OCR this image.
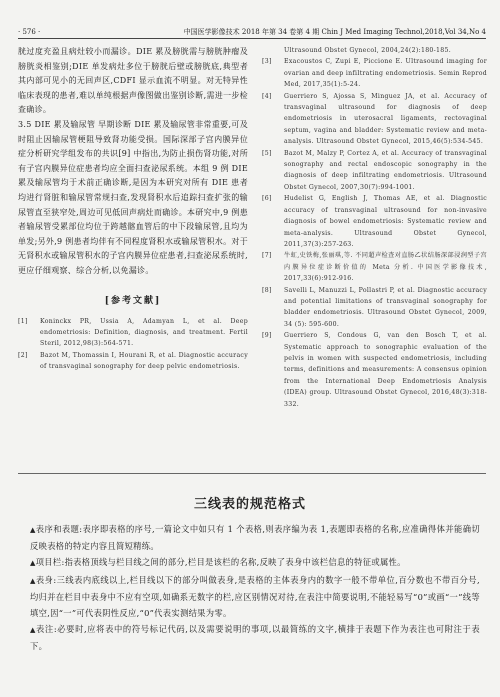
· 576 ·	中国医学影像技术 2018 年第 34 卷第 4 期 Chin J Med Imaging Technol,2018,Vol 34,No 4

胱过度充盈且病灶较小而漏诊。DIE 累及膀胱需与膀胱肿瘤及膀胱炎相鉴别;DIE 单发病灶多位于膀胱后壁或膀胱底,典型者其内部可见小的无回声区,CDFI 显示血流不明显。对无特异性临床表现的患者,难以单纯根据声像图做出鉴别诊断,需进一步检查确诊。

3.5 DIE 累及输尿管 早期诊断 DIE 累及输尿管非常重要,可及时阻止因输尿管梗阻导致肾功能受损。国际深部子宫内膜异位症分析研究学组发布的共识[9] 中指出,为防止损伤肾功能,对所有子宫内膜异位症患者均应全面扫查泌尿系统。本组 9 例 DIE 累及输尿管均于术前正确诊断,是因为本研究对所有 DIE 患者均进行肾脏和输尿管常规扫查,发现肾积水后追踪扫查扩张的输尿管直至狭窄处,周边可见低回声病灶而确诊。本研究中,9 例患者输尿管受累部位均位于跨越髂血管后的中下段输尿管,且均为单发;另外,9 例患者均伴有不同程度肾积水或输尿管积水。对于无肾积水或输尿管积水的子宫内膜异位症患者,扫查泌尿系统时,更应仔细观察、综合分析,以免漏诊。

[参考文献]
[1]	Koninckx PR, Ussia A, Adamyan L, et al. Deep endometriosis: Definition, diagnosis, and treatment. Fertil Steril, 2012,98(3):564-571.
[2]	Bazot M, Thomassin I, Hourani R, et al. Diagnostic accuracy of transvaginal sonography for deep pelvic endometriosis.
Ultrasound Obstet Gynecol, 2004,24(2):180-185.
[3]	Exacoustos C, Zupi E, Piccione E. Ultrasound imaging for ovarian and deep infiltrating endometriosis. Semin Reprod Med, 2017,35(1):5-24.
[4]	Guerriero S, Ajossa S, Minguez JA, et al. Accuracy of transvaginal ultrasound for diagnosis of deep endometriosis in uterosacral ligaments, rectovaginal septum, vagina and bladder: Systematic review and meta-analysis. Ultrasound Obstet Gynecol, 2015,46(5):534-545.
[5]	Bazot M, Malzy P, Cortez A, et al. Accuracy of transvaginal sonography and rectal endoscopic sonography in the diagnosis of deep infiltrating endometriosis. Ultrasound Obstet Gynecol, 2007,30(7):994-1001.
[6]	Hudelist G, English J, Thomas AE, et al. Diagnostic accuracy of transvaginal ultrasound for non-invasive diagnosis of bowel endometriosis: Systematic review and meta-analysis. Ultrasound Obstet Gynecol, 2011,37(3):257-263.
[7]	牛虹,史铁梅,张丽琪,等. 不同超声检查对直肠乙状结肠深部浸润型子宫内膜异位症诊断价值的 Meta 分析. 中国医学影像技术, 2017,33(6):912-916.
[8]	Savelli L, Manuzzi L, Pollastri P, et al. Diagnostic accuracy and potential limitations of transvaginal sonography for bladder endometriosis. Ultrasound Obstet Gynecol, 2009, 34 (5): 595-600.
[9]	Guerriero S, Condous G, van den Bosch T, et al. Systematic approach to sonographic evaluation of the pelvis in women with suspected endometriosis, including terms, definitions and measurements: A consensus opinion from the International Deep Endometriosis Analysis (IDEA) group. Ultrasound Obstet Gynecol, 2016,48(3):318-332.
三线表的规范格式

▲表序和表题:表序即表格的序号,一篇论文中如只有 1 个表格,则表序编为表 1,表题即表格的名称,应准确得体并能确切反映表格的特定内容且简短精练。

▲项目栏:指表格顶线与栏目线之间的部分,栏目是该栏的名称,反映了表身中该栏信息的特征或属性。

▲表身:三线表内底线以上,栏目线以下的部分叫做表身,是表格的主体表身内的数字一般不带单位,百分数也不带百分号,均归并在栏目中表身中不应有空项,如确系无数字的栏,应区别情况对待,在表注中简要说明,不能轻易写“0”或画“一”线等填空,因“一”可代表阴性反应,“0”代表实测结果为零。

▲表注:必要时,应将表中的符号标记代码,以及需要说明的事项,以最简练的文字,横排于表题下作为表注也可附注于表下。
